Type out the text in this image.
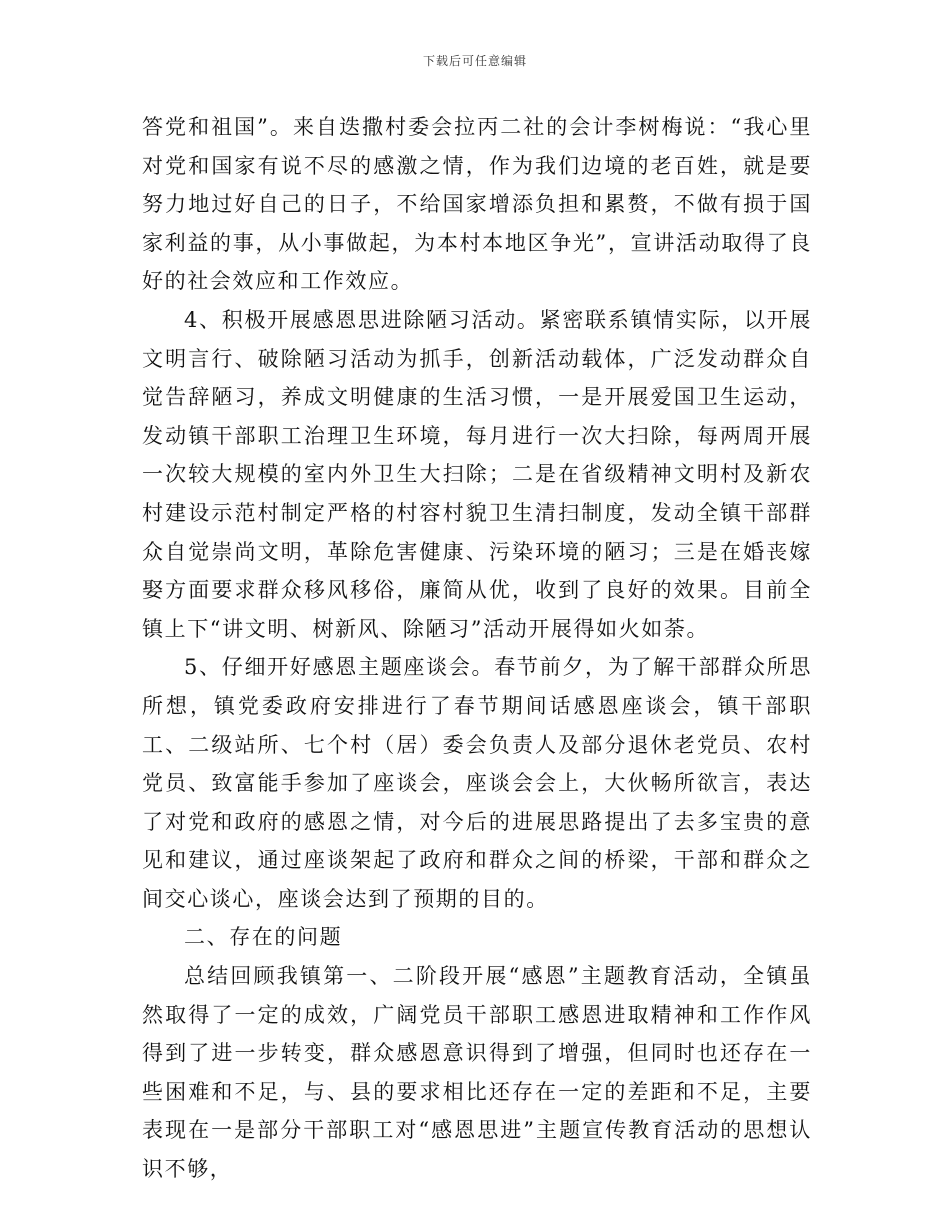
下载后可任意编辑

答党和祖国”。来自迭撒村委会拉丙二社的会计李树梅说：“我心里对党和国家有说不尽的感激之情，作为我们边境的老百姓，就是要努力地过好自己的日子，不给国家增添负担和累赘，不做有损于国家利益的事，从小事做起，为本村本地区争光”，宣讲活动取得了良好的社会效应和工作效应。

4、积极开展感恩思进除陋习活动。紧密联系镇情实际，以开展文明言行、破除陋习活动为抓手，创新活动载体，广泛发动群众自觉告辞陋习，养成文明健康的生活习惯，一是开展爱国卫生运动，发动镇干部职工治理卫生环境，每月进行一次大扫除，每两周开展一次较大规模的室内外卫生大扫除；二是在省级精神文明村及新农村建设示范村制定严格的村容村貌卫生清扫制度，发动全镇干部群众自觉崇尚文明，革除危害健康、污染环境的陋习；三是在婚丧嫁娶方面要求群众移风移俗，廉简从优，收到了良好的效果。目前全镇上下“讲文明、树新风、除陋习”活动开展得如火如荼。

5、仔细开好感恩主题座谈会。春节前夕，为了解干部群众所思所想，镇党委政府安排进行了春节期间话感恩座谈会，镇干部职工、二级站所、七个村（居）委会负责人及部分退休老党员、农村党员、致富能手参加了座谈会，座谈会会上，大伙畅所欲言，表达了对党和政府的感恩之情，对今后的进展思路提出了去多宝贵的意见和建议，通过座谈架起了政府和群众之间的桥梁，干部和群众之间交心谈心，座谈会达到了预期的目的。

二、存在的问题

总结回顾我镇第一、二阶段开展“感恩”主题教育活动，全镇虽然取得了一定的成效，广阔党员干部职工感恩进取精神和工作作风得到了进一步转变，群众感恩意识得到了增强，但同时也还存在一些困难和不足，与、县的要求相比还存在一定的差距和不足，主要表现在一是部分干部职工对“感恩思进”主题宣传教育活动的思想认识不够，
